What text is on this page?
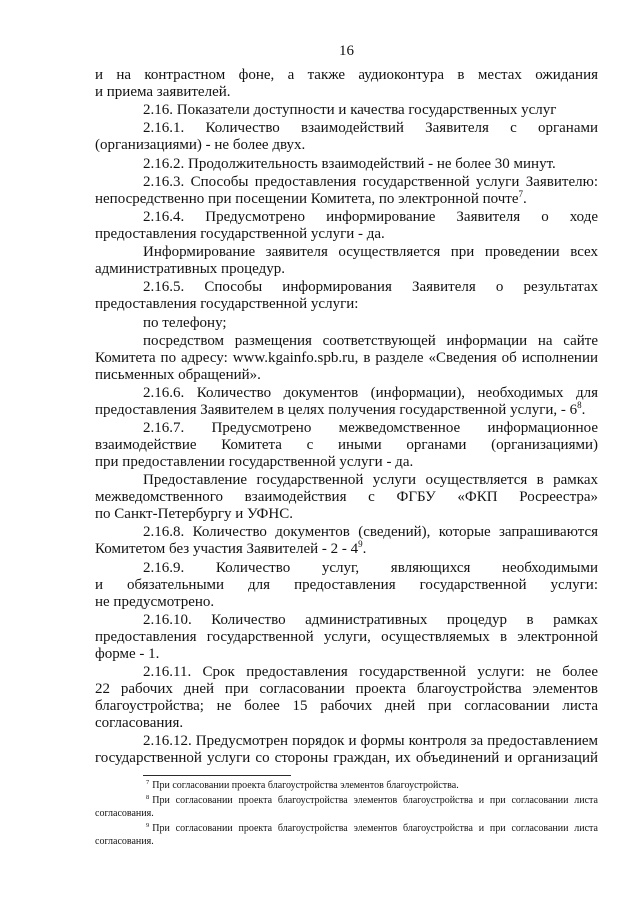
16
и на контрастном фоне, а также аудиоконтура в местах ожидания
и приема заявителей.
2.16. Показатели доступности и качества государственных услуг
2.16.1. Количество взаимодействий Заявителя с органами
(организациями) - не более двух.
2.16.2. Продолжительность взаимодействий - не более 30 минут.
2.16.3. Способы предоставления государственной услуги Заявителю:
непосредственно при посещении Комитета, по электронной почте$^7$.
2.16.4. Предусмотрено информирование Заявителя о ходе
предоставления государственной услуги - да.
Информирование заявителя осуществляется при проведении всех
административных процедур.
2.16.5. Способы информирования Заявителя о результатах
предоставления государственной услуги:
по телефону;
посредством размещения соответствующей информации на сайте
Комитета по адресу: www.kgainfo.spb.ru, в разделе «Сведения об исполнении
письменных обращений».
2.16.6. Количество документов (информации), необходимых для
предоставления Заявителем в целях получения государственной услуги, - 6$^8$.
2.16.7. Предусмотрено межведомственное информационное
взаимодействие Комитета с иными органами (организациями)
при предоставлении государственной услуги - да.
Предоставление государственной услуги осуществляется в рамках
межведомственного взаимодействия с ФГБУ «ФКП Росреестра»
по Санкт-Петербургу и УФНС.
2.16.8. Количество документов (сведений), которые запрашиваются
Комитетом без участия Заявителей - 2 - 4$^9$.
2.16.9. Количество услуг, являющихся необходимыми
и обязательными для предоставления государственной услуги:
не предусмотрено.
2.16.10. Количество административных процедур в рамках
предоставления государственной услуги, осуществляемых в электронной
форме - 1.
2.16.11. Срок предоставления государственной услуги: не более
22 рабочих дней при согласовании проекта благоустройства элементов
благоустройства; не более 15 рабочих дней при согласовании листа
согласования.
2.16.12. Предусмотрен порядок и формы контроля за предоставлением
государственной услуги со стороны граждан, их объединений и организаций
$^7$ При согласовании проекта благоустройства элементов благоустройства.
$^8$ При согласовании проекта благоустройства элементов благоустройства и при согласовании листа
согласования.
$^9$ При согласовании проекта благоустройства элементов благоустройства и при согласовании листа
согласования.
